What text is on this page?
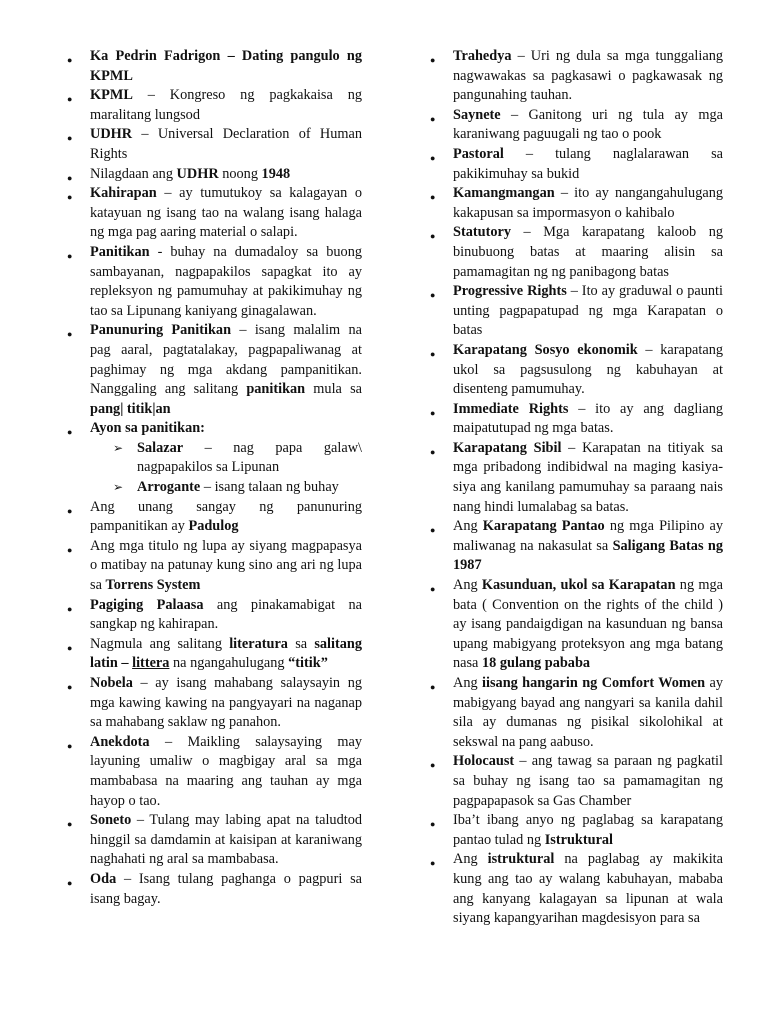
● Ka Pedrin Fadrigon – Dating pangulo ng KPML
● KPML – Kongreso ng pagkakaisa ng maralitang lungsod
● UDHR – Universal Declaration of Human Rights
● Nilagdaan ang UDHR noong 1948
● Kahirapan – ay tumutukoy sa kalagayan o katayuan ng isang tao na walang isang halaga ng mga pag aaring material o salapi.
● Panitikan - buhay na dumadaloy sa buong sambayanan, nagpapakilos sapagkat ito ay repleksyon ng pamumuhay at pakikimuhay ng tao sa Lipunang kaniyang ginagalawan.
● Panunuring Panitikan – isang malalim na pag aaral, pagtatalakay, pagpapaliwanag at paghimay ng mga akdang pampanitikan. Nanggaling ang salitang panitikan mula sa pang| titik|an
● Ayon sa panitikan:
➢ Salazar – nag papa galaw\ nagpapakilos sa Lipunan
➢ Arrogante – isang talaan ng buhay
● Ang unang sangay ng panunuring pampanitikan ay Padulog
● Ang mga titulo ng lupa ay siyang magpapasya o matibay na patunay kung sino ang ari ng lupa sa Torrens System
● Pagiging Palaasa ang pinakamabigat na sangkap ng kahirapan.
● Nagmula ang salitang literatura sa salitang latin – littera na ngangahulugang “titik”
● Nobela – ay isang mahabang salaysayin ng mga kawing kawing na pangyayari na naganap sa mahabang saklaw ng panahon.
● Anekdota – Maikling salaysaying may layuning umaliw o magbigay aral sa mga mambabasa na maaring ang tauhan ay mga hayop o tao.
● Soneto – Tulang may labing apat na taludtod hinggil sa damdamin at kaisipan at karaniwang naghahati ng aral sa mambabasa.
● Oda – Isang tulang paghanga o pagpuri sa isang bagay.
● Trahedya – Uri ng dula sa mga tunggaliang nagwawakas sa pagkasawi o pagkawasak ng pangunahing tauhan.
● Saynete – Ganitong uri ng tula ay mga karaniwang paguugali ng tao o pook
● Pastoral – tulang naglalarawan sa pakikimuhay sa bukid
● Kamangmangan – ito ay nangangahulugang kakapusan sa impormasyon o kahibalo
● Statutory – Mga karapatang kaloob ng binubuong batas at maaring alisin sa pamamagitan ng ng panibagong batas
● Progressive Rights – Ito ay graduwal o paunti unting pagpapatupad ng mga Karapatan o batas
● Karapatang Sosyo ekonomik – karapatang ukol sa pagsusulong ng kabuhayan at disenteng pamumuhay.
● Immediate Rights – ito ay ang dagliang maipatutupad ng mga batas.
● Karapatang Sibil – Karapatan na titiyak sa mga pribadong indibidwal na maging kasiya-siya ang kanilang pamumuhay sa paraang nais nang hindi lumalabag sa batas.
● Ang Karapatang Pantao ng mga Pilipino ay maliwanag na nakasulat sa Saligang Batas ng 1987
● Ang Kasunduan, ukol sa Karapatan ng mga bata ( Convention on the rights of the child ) ay isang pandaigdigan na kasunduan ng bansa upang mabigyang proteksyon ang mga batang nasa 18 gulang pababa
● Ang iisang hangarin ng Comfort Women ay mabigyang bayad ang nangyari sa kanila dahil sila ay dumanas ng pisikal sikolohikal at sekswal na pang aabuso.
● Holocaust – ang tawag sa paraan ng pagkatil sa buhay ng isang tao sa pamamagitan ng pagpapapasok sa Gas Chamber
● Iba’t ibang anyo ng paglabag sa karapatang pantao tulad ng Istruktural
● Ang istruktural na paglabag ay makikita kung ang tao ay walang kabuhayan, mababa ang kanyang kalagayan sa lipunan at wala siyang kapangyarihan magdesisyon para sa
